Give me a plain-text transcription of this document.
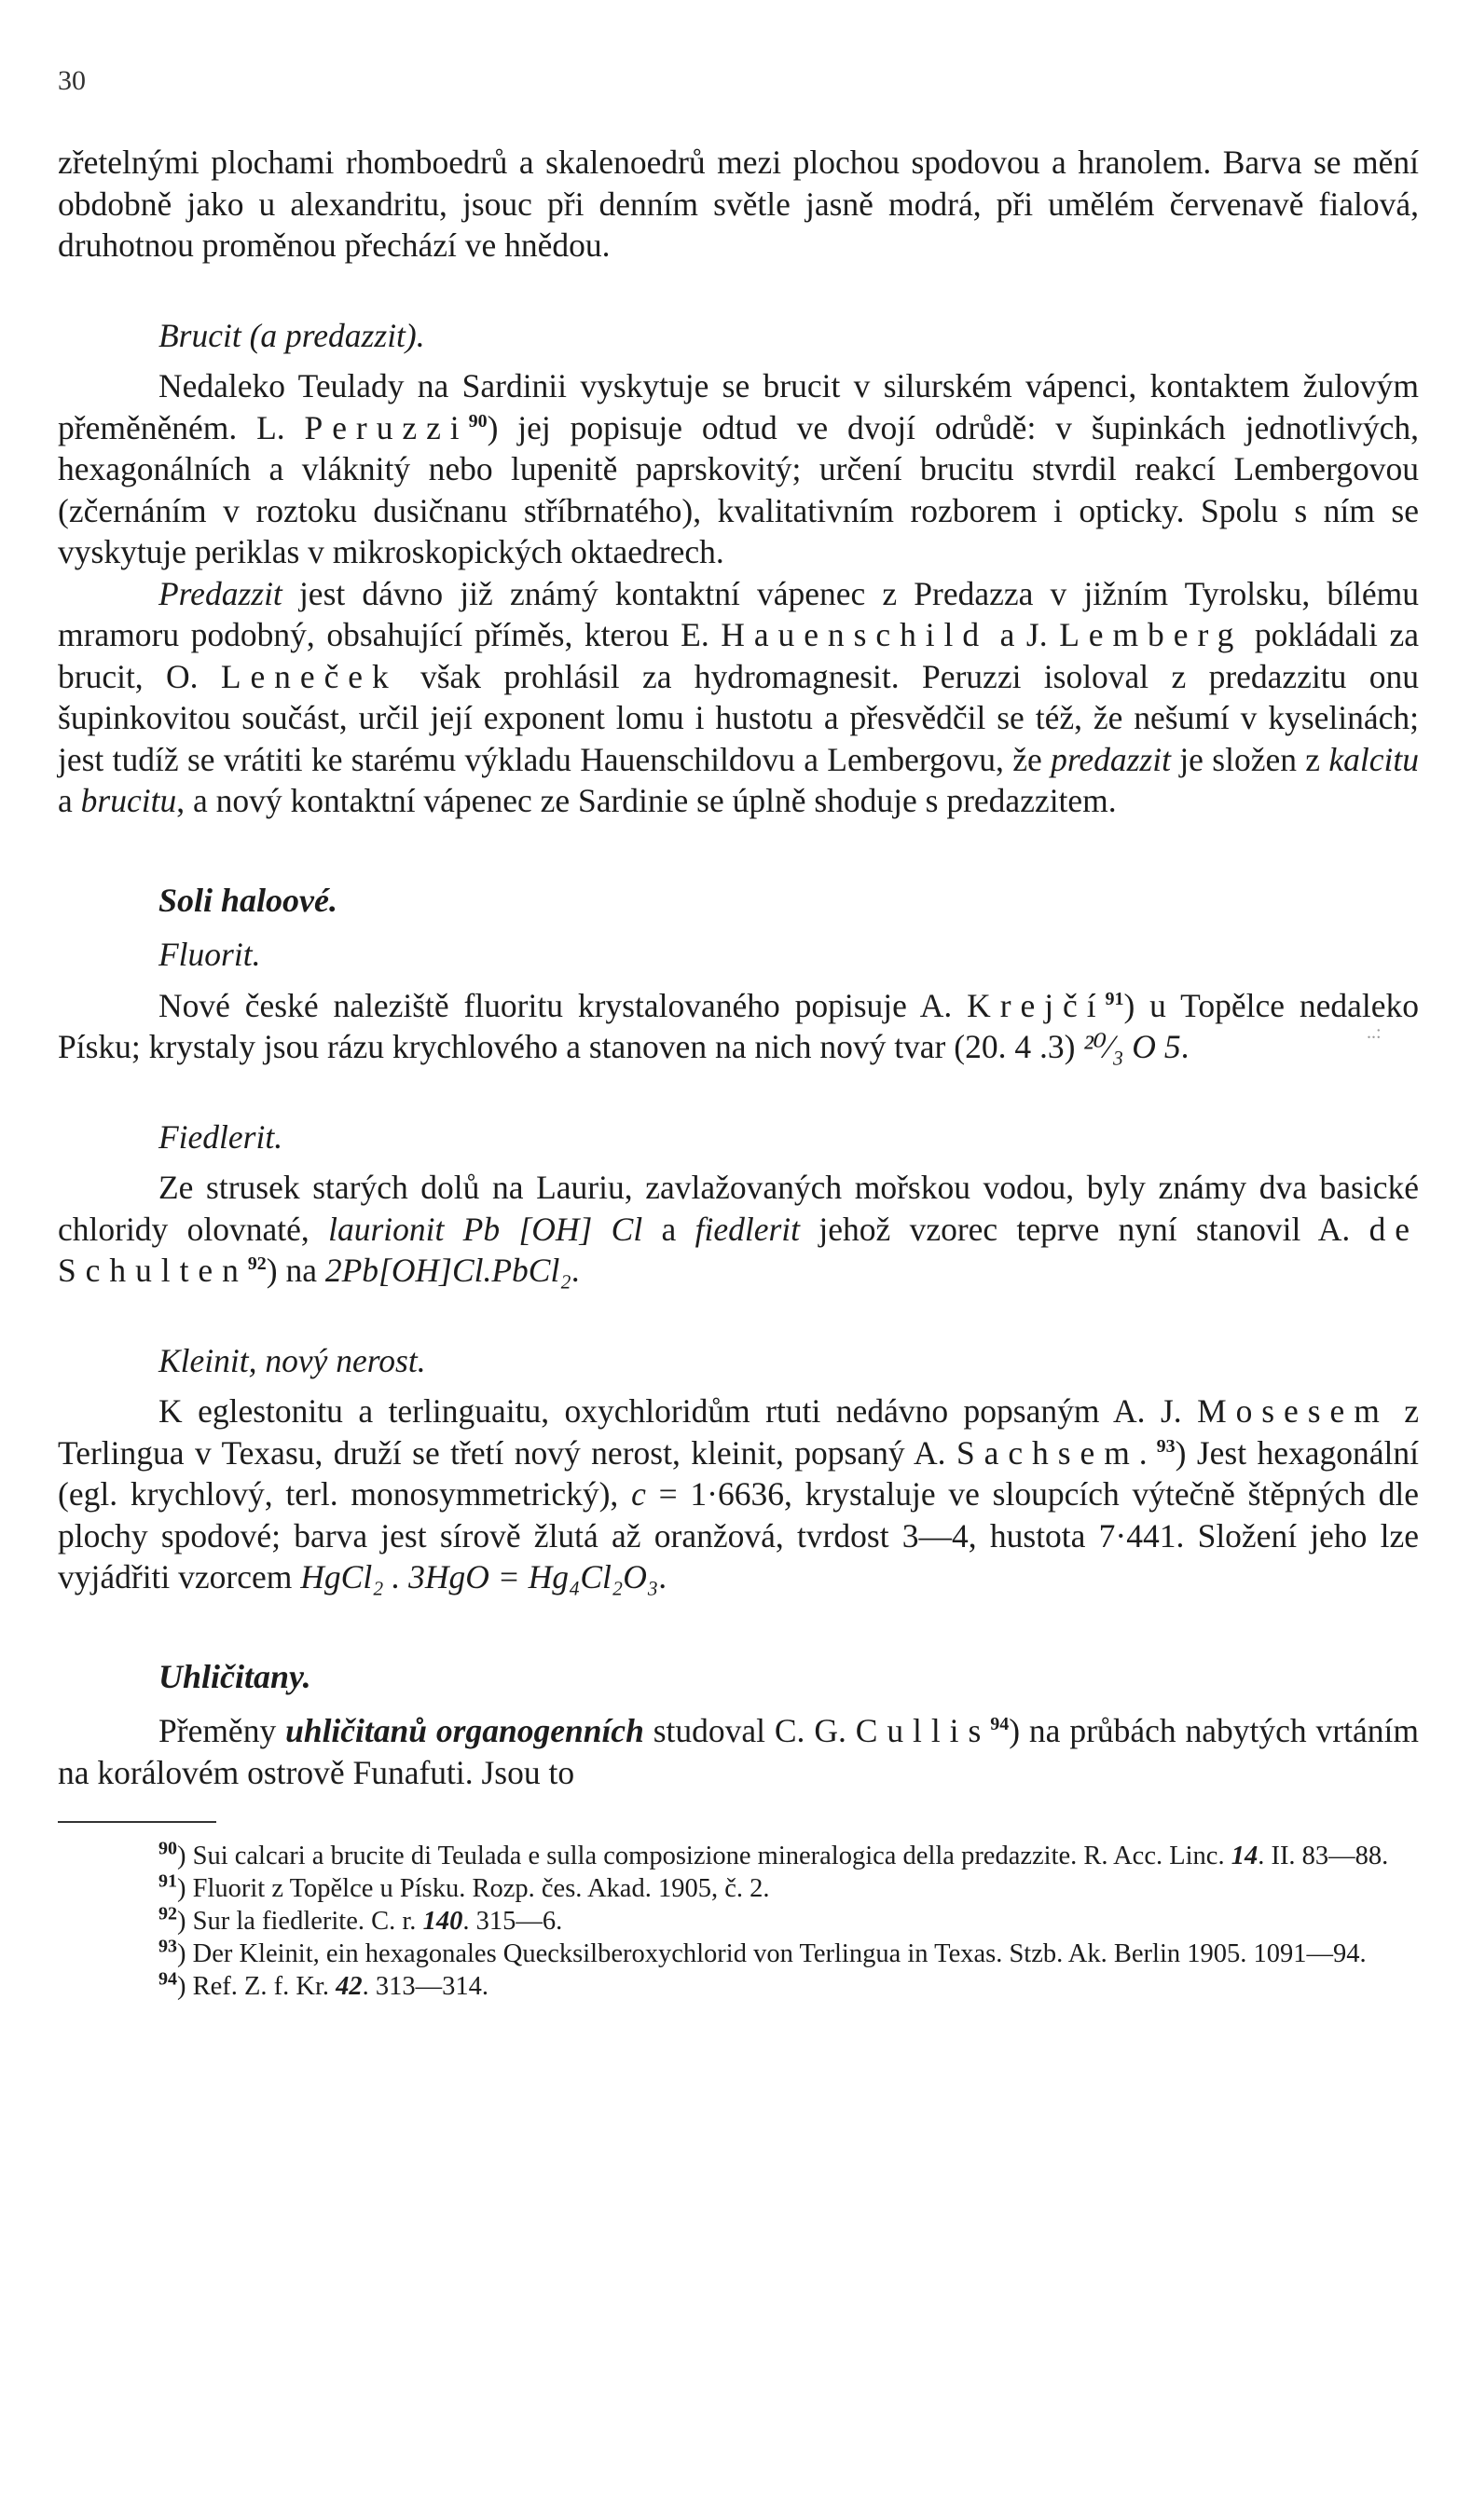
30

zřetelnými plochami rhomboedrů a skalenoedrů mezi plochou spodovou a hranolem. Barva se mění obdobně jako u alexandritu, jsouc při denním světle jasně modrá, při umělém červenavě fialová, druhotnou proměnou přechází ve hnědou.

Brucit (a predazzit).

Nedaleko Teulady na Sardinii vyskytuje se brucit v silurském vápenci, kontaktem žulovým přeměněném. L. Peruzzi$^{90}$) jej popisuje odtud ve dvojí odrůdě: v šupinkách jednotlivých, hexagonálních a vláknitý nebo lupenitě paprskovitý; určení brucitu stvrdil reakcí Lembergovou (zčernáním v roztoku dusičnanu stříbrnatého), kvalitativním rozborem i opticky. Spolu s ním se vyskytuje periklas v mikroskopických oktaedrech.

Predazzit jest dávno již známý kontaktní vápenec z Predazza v jižním Tyrolsku, bílému mramoru podobný, obsahující příměs, kterou E. Hauenschild a J. Lemberg pokládali za brucit, O. Leneček však prohlásil za hydromagnesit. Peruzzi isoloval z predazzitu onu šupinkovitou součást, určil její exponent lomu i hustotu a přesvědčil se též, že nešumí v kyselinách; jest tudíž se vrátiti ke starému výkladu Hauenschildovu a Lembergovu, že predazzit je složen z kalcitu a brucitu, a nový kontaktní vápenec ze Sardinie se úplně shoduje s predazzitem.

Soli haloové.
Fluorit.

Nové české naleziště fluoritu krystalovaného popisuje A. Krejčí$^{91}$) u Topělce nedaleko Písku; krystaly jsou rázu krychlového a stanoven na nich nový tvar (20. 4 .3) ²⁰⁄₃ O 5.

Fiedlerit.

Ze strusek starých dolů na Lauriu, zavlažovaných mořskou vodou, byly známy dva basické chloridy olovnaté, laurionit Pb [OH] Cl a fiedlerit jehož vzorec teprve nyní stanovil A. de Schulten$^{92}$) na 2Pb[OH]Cl.PbCl₂.

Kleinit, nový nerost.

K eglestonitu a terlinguaitu, oxychloridům rtuti nedávno popsaným A. J. Mosesem z Terlingua v Texasu, druží se třetí nový nerost, kleinit, popsaný A. Sachsem.$^{93}$) Jest hexagonální (egl. krychlový, terl. monosymmetrický), c = 1·6636, krystaluje ve sloupcích výtečně štěpných dle plochy spodové; barva jest sírově žlutá až oranžová, tvrdost 3—4, hustota 7·441. Složení jeho lze vyjádřiti vzorcem HgCl₂ . 3HgO = Hg₄Cl₂O₃.

Uhličitany.

Přeměny uhličitanů organogenních studoval C. G. Cullis$^{94}$) na průbách nabytých vrtáním na korálovém ostrově Funafuti. Jsou to

$^{90}$) Sui calcari a brucite di Teulada e sulla composizione mineralogica della predazzite. R. Acc. Linc. 14. II. 83—88.
$^{91}$) Fluorit z Topělce u Písku. Rozp. čes. Akad. 1905, č. 2.
$^{92}$) Sur la fiedlerite. C. r. 140. 315—6.
$^{93}$) Der Kleinit, ein hexagonales Quecksilberoxychlorid von Terlingua in Texas. Stzb. Ak. Berlin 1905. 1091—94.
$^{94}$) Ref. Z. f. Kr. 42. 313—314.
..:
